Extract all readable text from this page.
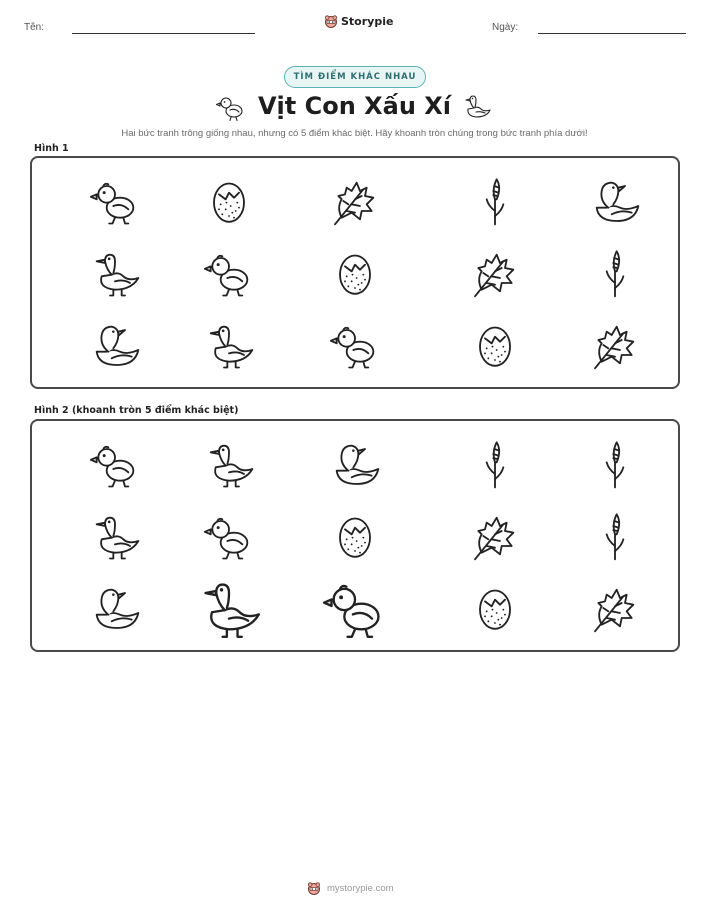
Tên:	Storypie	Ngày:
TÌM ĐIỂM KHÁC NHAU
Vịt Con Xấu Xí
Hai bức tranh trông giống nhau, nhưng có 5 điểm khác biệt. Hãy khoanh tròn chúng trong bức tranh phía dưới!
Hình 1
Hình 2 (khoanh tròn 5 điểm khác biệt)
mystorypie.com
